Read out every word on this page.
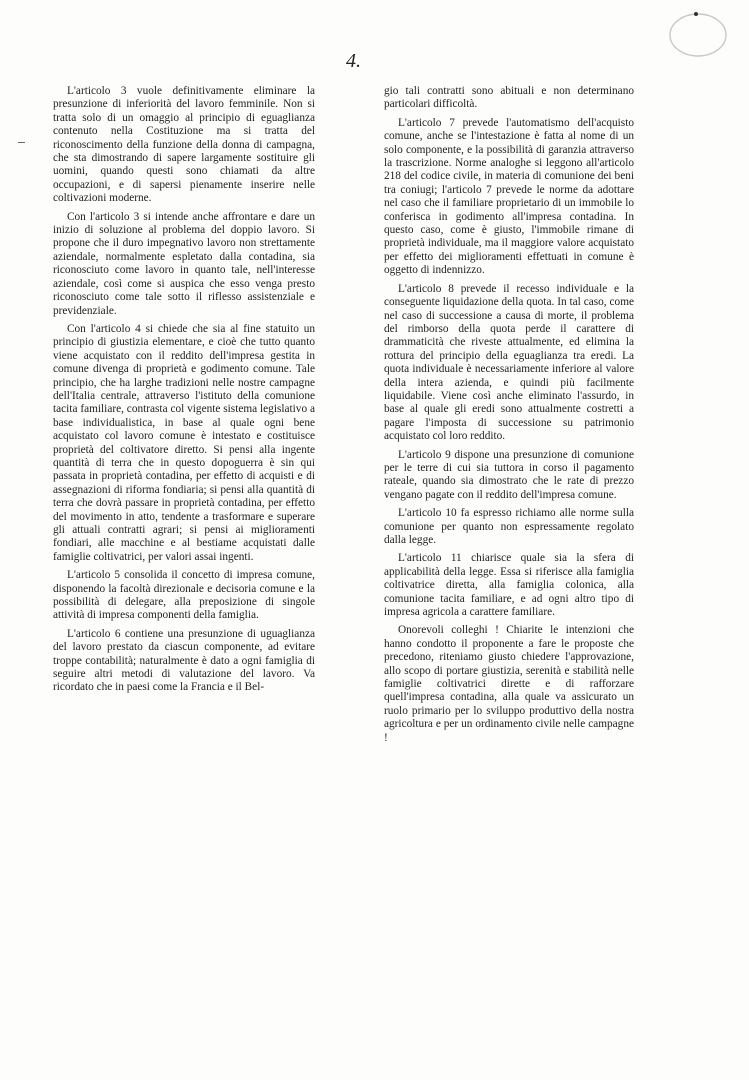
4.

L'articolo 3 vuole definitivamente eliminare la presunzione di inferiorità del lavoro femminile. Non si tratta solo di un omaggio al principio di eguaglianza contenuto nella Costituzione ma si tratta del riconoscimento della funzione della donna di campagna, che sta dimostrando di sapere largamente sostituire gli uomini, quando questi sono chiamati da altre occupazioni, e di sapersi pienamente inserire nelle coltivazioni moderne.

Con l'articolo 3 si intende anche affrontare e dare un inizio di soluzione al problema del doppio lavoro. Si propone che il duro impegnativo lavoro non strettamente aziendale, normalmente espletato dalla contadina, sia riconosciuto come lavoro in quanto tale, nell'interesse aziendale, così come si auspica che esso venga presto riconosciuto come tale sotto il riflesso assistenziale e previdenziale.

Con l'articolo 4 si chiede che sia al fine statuito un principio di giustizia elementare, e cioè che tutto quanto viene acquistato con il reddito dell'impresa gestita in comune divenga di proprietà e godimento comune. Tale principio, che ha larghe tradizioni nelle nostre campagne dell'Italia centrale, attraverso l'istituto della comunione tacita familiare, contrasta col vigente sistema legislativo a base individualistica, in base al quale ogni bene acquistato col lavoro comune è intestato e costituisce proprietà del coltivatore diretto. Si pensi alla ingente quantità di terra che in questo dopoguerra è sin qui passata in proprietà contadina, per effetto di acquisti e di assegnazioni di riforma fondiaria; si pensi alla quantità di terra che dovrà passare in proprietà contadina, per effetto del movimento in atto, tendente a trasformare e superare gli attuali contratti agrari; si pensi ai miglioramenti fondiari, alle macchine e al bestiame acquistati dalle famiglie coltivatrici, per valori assai ingenti.

L'articolo 5 consolida il concetto di impresa comune, disponendo la facoltà direzionale e decisoria comune e la possibilità di delegare, alla preposizione di singole attività di impresa componenti della famiglia.

L'articolo 6 contiene una presunzione di uguaglianza del lavoro prestato da ciascun componente, ad evitare troppe contabilità; naturalmente è dato a ogni famiglia di seguire altri metodi di valutazione del lavoro. Va ricordato che in paesi come la Francia e il Bel-

gio tali contratti sono abituali e non determinano particolari difficoltà.

L'articolo 7 prevede l'automatismo dell'acquisto comune, anche se l'intestazione è fatta al nome di un solo componente, e la possibilità di garanzia attraverso la trascrizione. Norme analoghe si leggono all'articolo 218 del codice civile, in materia di comunione dei beni tra coniugi; l'articolo 7 prevede le norme da adottare nel caso che il familiare proprietario di un immobile lo conferisca in godimento all'impresa contadina. In questo caso, come è giusto, l'immobile rimane di proprietà individuale, ma il maggiore valore acquistato per effetto dei miglioramenti effettuati in comune è oggetto di indennizzo.

L'articolo 8 prevede il recesso individuale e la conseguente liquidazione della quota. In tal caso, come nel caso di successione a causa di morte, il problema del rimborso della quota perde il carattere di drammaticità che riveste attualmente, ed elimina la rottura del principio della eguaglianza tra eredi. La quota individuale è necessariamente inferiore al valore della intera azienda, e quindi più facilmente liquidabile. Viene così anche eliminato l'assurdo, in base al quale gli eredi sono attualmente costretti a pagare l'imposta di successione su patrimonio acquistato col loro reddito.

L'articolo 9 dispone una presunzione di comunione per le terre di cui sia tuttora in corso il pagamento rateale, quando sia dimostrato che le rate di prezzo vengano pagate con il reddito dell'impresa comune.

L'articolo 10 fa espresso richiamo alle norme sulla comunione per quanto non espressamente regolato dalla legge.

L'articolo 11 chiarisce quale sia la sfera di applicabilità della legge. Essa si riferisce alla famiglia coltivatrice diretta, alla famiglia colonica, alla comunione tacita familiare, e ad ogni altro tipo di impresa agricola a carattere familiare.

Onorevoli colleghi ! Chiarite le intenzioni che hanno condotto il proponente a fare le proposte che precedono, riteniamo giusto chiedere l'approvazione, allo scopo di portare giustizia, serenità e stabilità nelle famiglie coltivatrici dirette e di rafforzare quell'impresa contadina, alla quale va assicurato un ruolo primario per lo sviluppo produttivo della nostra agricoltura e per un ordinamento civile nelle campagne !
